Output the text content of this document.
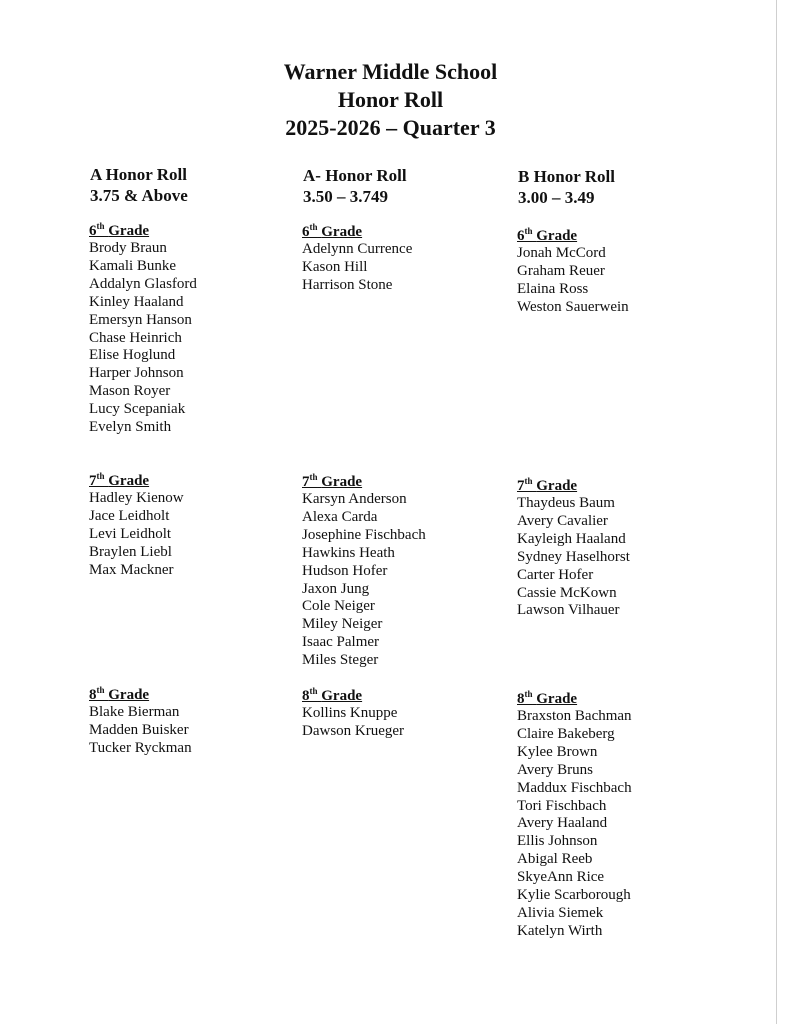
Warner Middle School
Honor Roll
2025-2026 – Quarter 3
A Honor Roll
3.75 & Above
6th Grade
Brody Braun
Kamali Bunke
Addalyn Glasford
Kinley Haaland
Emersyn Hanson
Chase Heinrich
Elise Hoglund
Harper Johnson
Mason Royer
Lucy Scepaniak
Evelyn Smith
7th Grade
Hadley Kienow
Jace Leidholt
Levi Leidholt
Braylen Liebl
Max Mackner
8th Grade
Blake Bierman
Madden Buisker
Tucker Ryckman
A- Honor Roll
3.50 – 3.749
6th Grade
Adelynn Currence
Kason Hill
Harrison Stone
7th Grade
Karsyn Anderson
Alexa Carda
Josephine Fischbach
Hawkins Heath
Hudson Hofer
Jaxon Jung
Cole Neiger
Miley Neiger
Isaac Palmer
Miles Steger
8th Grade
Kollins Knuppe
Dawson Krueger
B Honor Roll
3.00 – 3.49
6th Grade
Jonah McCord
Graham Reuer
Elaina Ross
Weston Sauerwein
7th Grade
Thaydeus Baum
Avery Cavalier
Kayleigh Haaland
Sydney Haselhorst
Carter Hofer
Cassie McKown
Lawson Vilhauer
8th Grade
Braxston Bachman
Claire Bakeberg
Kylee Brown
Avery Bruns
Maddux Fischbach
Tori Fischbach
Avery Haaland
Ellis Johnson
Abigal Reeb
SkyeAnn Rice
Kylie Scarborough
Alivia Siemek
Katelyn Wirth
